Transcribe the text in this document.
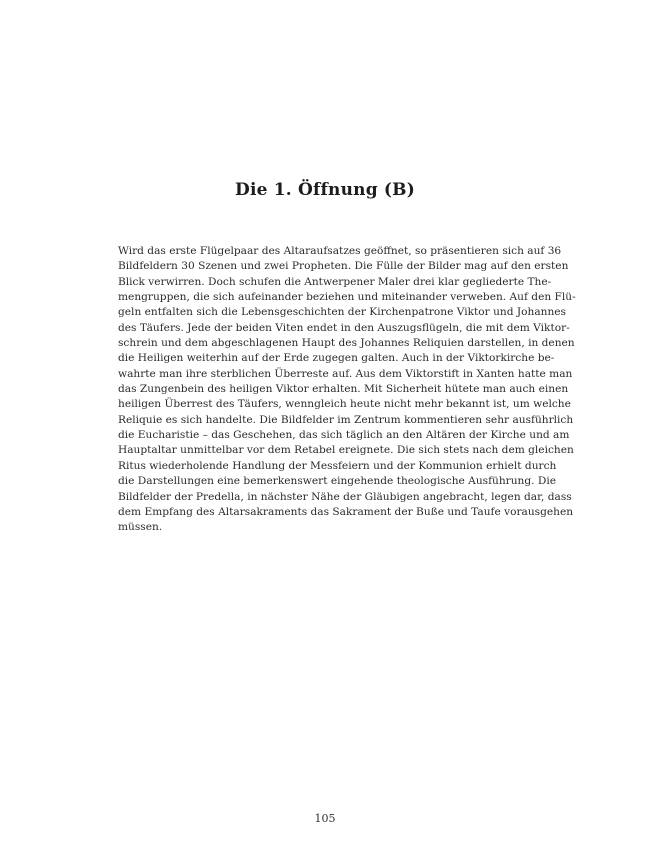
Die 1. Öffnung (B)
Wird das erste Flügelpaar des Altaraufsatzes geöffnet, so präsentieren sich auf 36
Bildfeldern 30 Szenen und zwei Propheten. Die Fülle der Bilder mag auf den ersten
Blick verwirren. Doch schufen die Antwerpener Maler drei klar gegliederte The-
mengruppen, die sich aufeinander beziehen und miteinander verweben. Auf den Flü-
geln entfalten sich die Lebensgeschichten der Kirchenpatrone Viktor und Johannes
des Täufers. Jede der beiden Viten endet in den Auszugsflügeln, die mit dem Viktor-
schrein und dem abgeschlagenen Haupt des Johannes Reliquien darstellen, in denen
die Heiligen weiterhin auf der Erde zugegen galten. Auch in der Viktorkirche be-
wahrte man ihre sterblichen Überreste auf. Aus dem Viktorstift in Xanten hatte man
das Zungenbein des heiligen Viktor erhalten. Mit Sicherheit hütete man auch einen
heiligen Überrest des Täufers, wenngleich heute nicht mehr bekannt ist, um welche
Reliquie es sich handelte. Die Bildfelder im Zentrum kommentieren sehr ausführlich
die Eucharistie – das Geschehen, das sich täglich an den Altären der Kirche und am
Hauptaltar unmittelbar vor dem Retabel ereignete. Die sich stets nach dem gleichen
Ritus wiederholende Handlung der Messfeiern und der Kommunion erhielt durch
die Darstellungen eine bemerkenswert eingehende theologische Ausführung. Die
Bildfelder der Predella, in nächster Nähe der Gläubigen angebracht, legen dar, dass
dem Empfang des Altarsakraments das Sakrament der Buße und Taufe vorausgehen
müssen.
105
